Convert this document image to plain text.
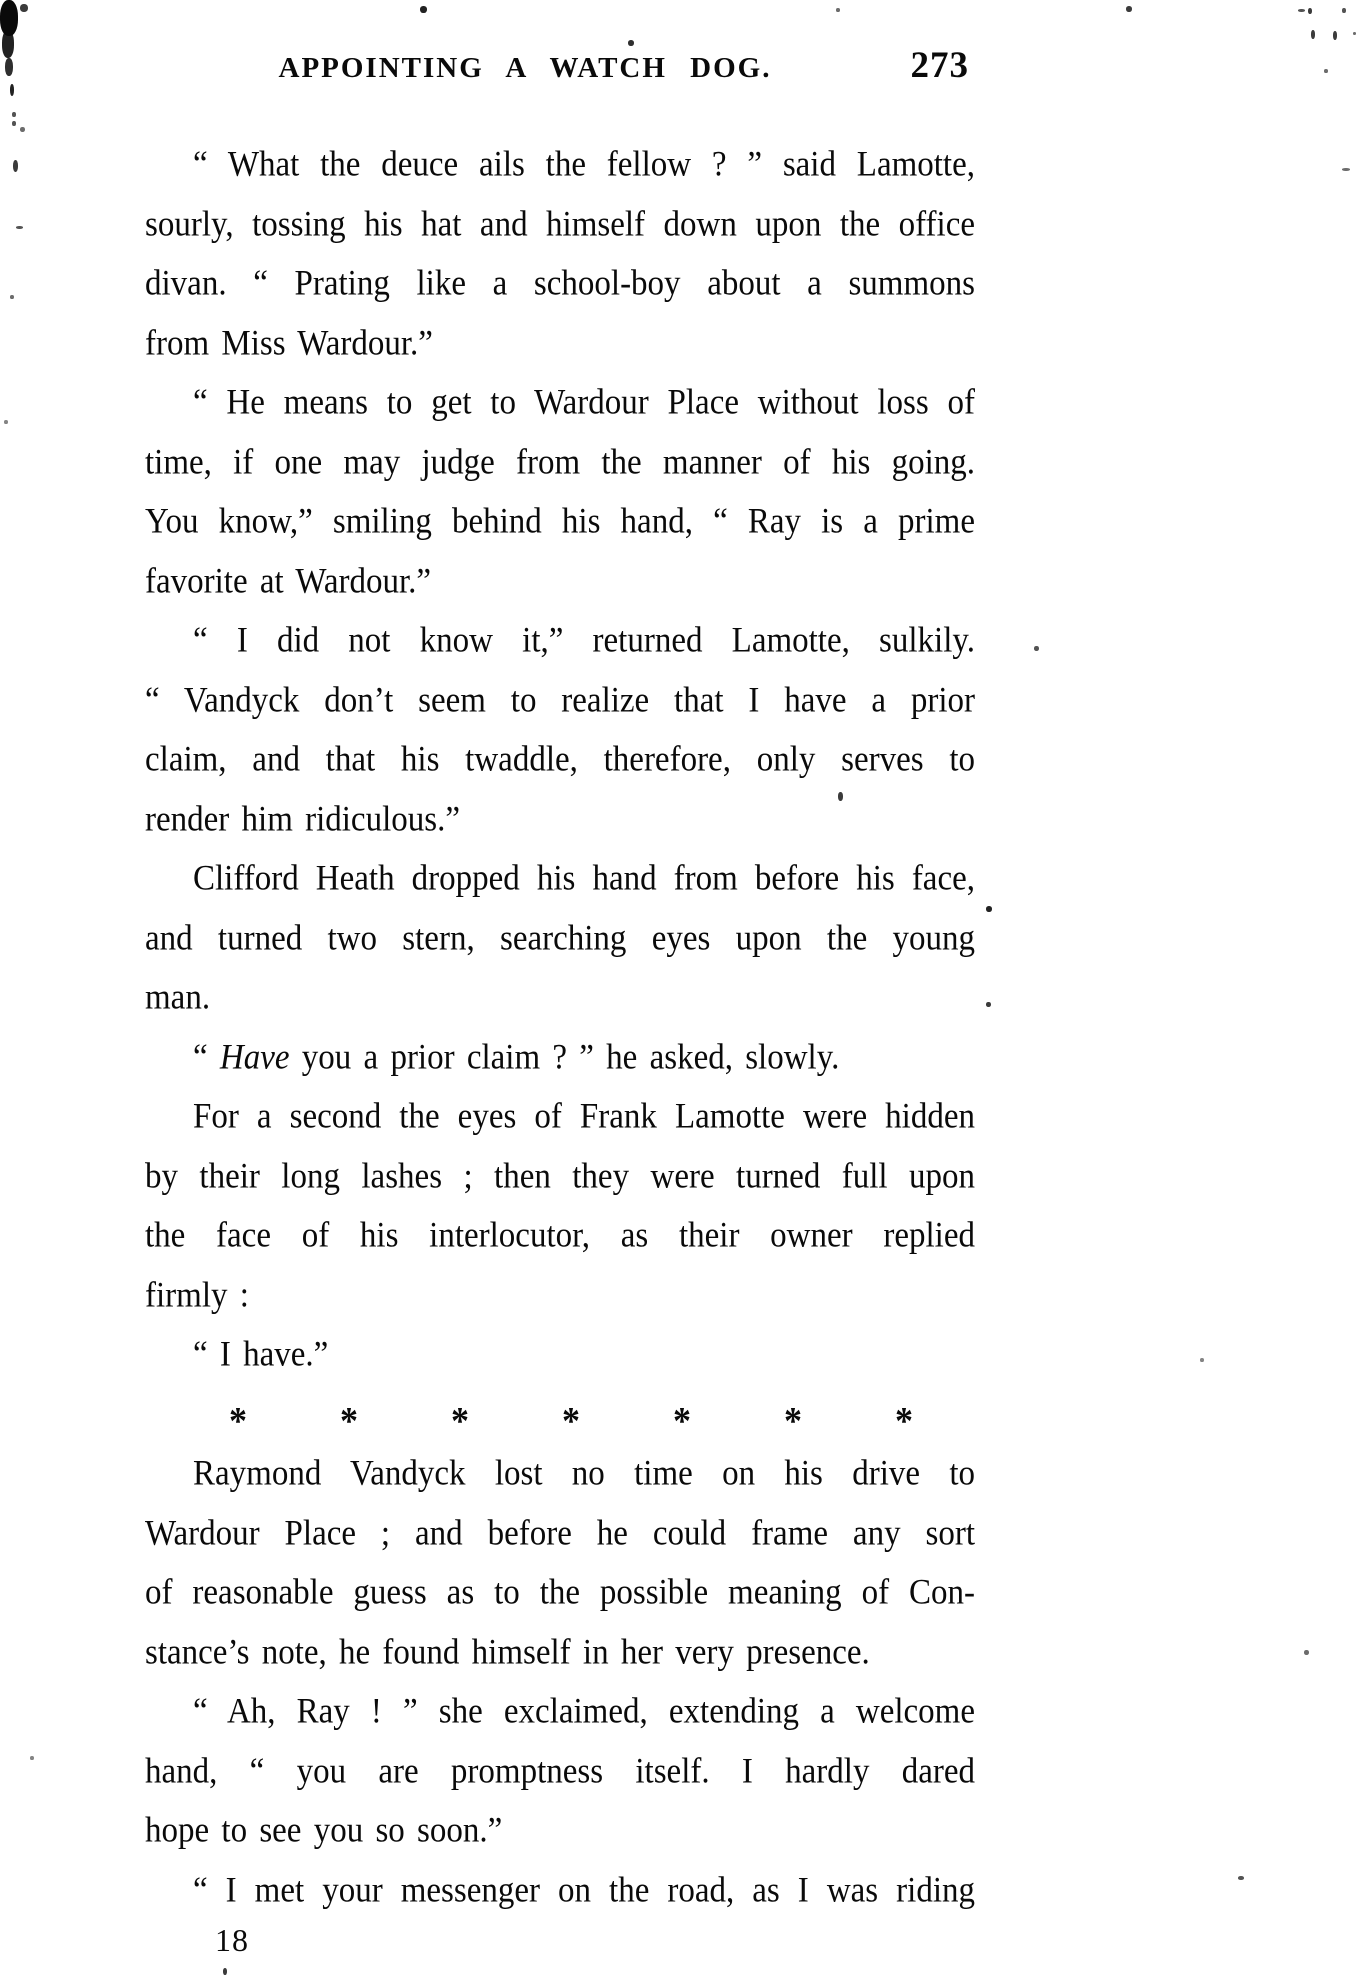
APPOINTING A WATCH DOG.	273
“ What the deuce ails the fellow ? ” said Lamotte,
sourly, tossing his hat and himself down upon the office
divan. “ Prating like a school-boy about a summons
from Miss Wardour.”
“ He means to get to Wardour Place without loss of
time, if one may judge from the manner of his going.
You know,” smiling behind his hand, “ Ray is a prime
favorite at Wardour.”
“ I did not know it,” returned Lamotte, sulkily.
“ Vandyck don’t seem to realize that I have a prior
claim, and that his twaddle, therefore, only serves to
render him ridiculous.”
Clifford Heath dropped his hand from before his face,
and turned two stern, searching eyes upon the young
man.
“ Have you a prior claim ? ” he asked, slowly.
For a second the eyes of Frank Lamotte were hidden
by their long lashes ; then they were turned full upon
the face of his interlocutor, as their owner replied
firmly :
“ I have.”
*	*	*	*	*	*	*
Raymond Vandyck lost no time on his drive to
Wardour Place ; and before he could frame any sort
of reasonable guess as to the possible meaning of Con-
stance’s note, he found himself in her very presence.
“ Ah, Ray ! ” she exclaimed, extending a welcome
hand, “ you are promptness itself. I hardly dared
hope to see you so soon.”
“ I met your messenger on the road, as I was riding
18
